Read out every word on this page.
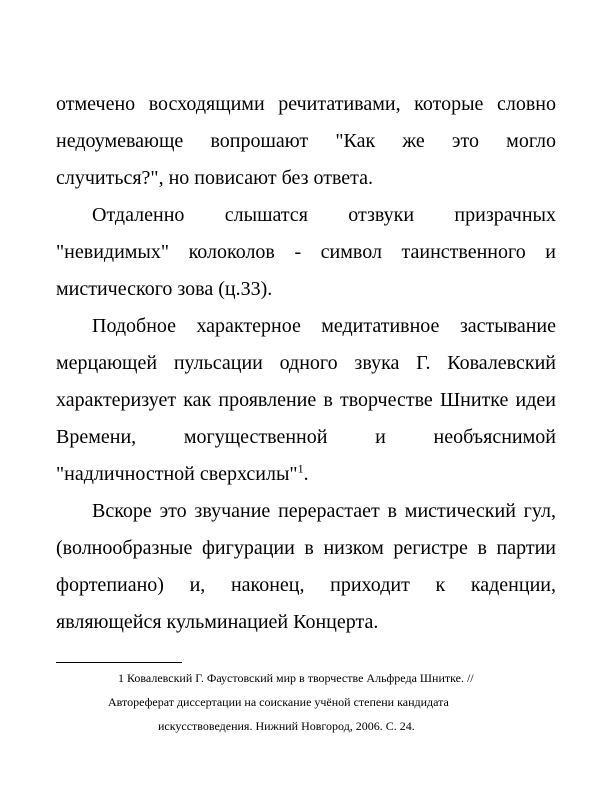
отмечено восходящими речитативами, которые словно
недоумевающе вопрошают "Как же это могло
случиться?", но повисают без ответа.
Отдаленно слышатся отзвуки призрачных
"невидимых" колоколов - символ таинственного и
мистического зова (ц.33).
Подобное характерное медитативное застывание
мерцающей пульсации одного звука Г. Ковалевский
характеризует как проявление в творчестве Шнитке идеи
Времени, могущественной и необъяснимой
"надличностной сверхсилы"$^1$.
Вскоре это звучание перерастает в мистический гул,
(волнообразные фигурации в низком регистре в партии
фортепиано) и, наконец, приходит к каденции,
являющейся кульминацией Концерта.
1 Ковалевский Г. Фаустовский мир в творчестве Альфреда Шнитке. //
Автореферат диссертации на соискание учёной степени кандидата
искусствоведения. Нижний Новгород, 2006. С. 24.
